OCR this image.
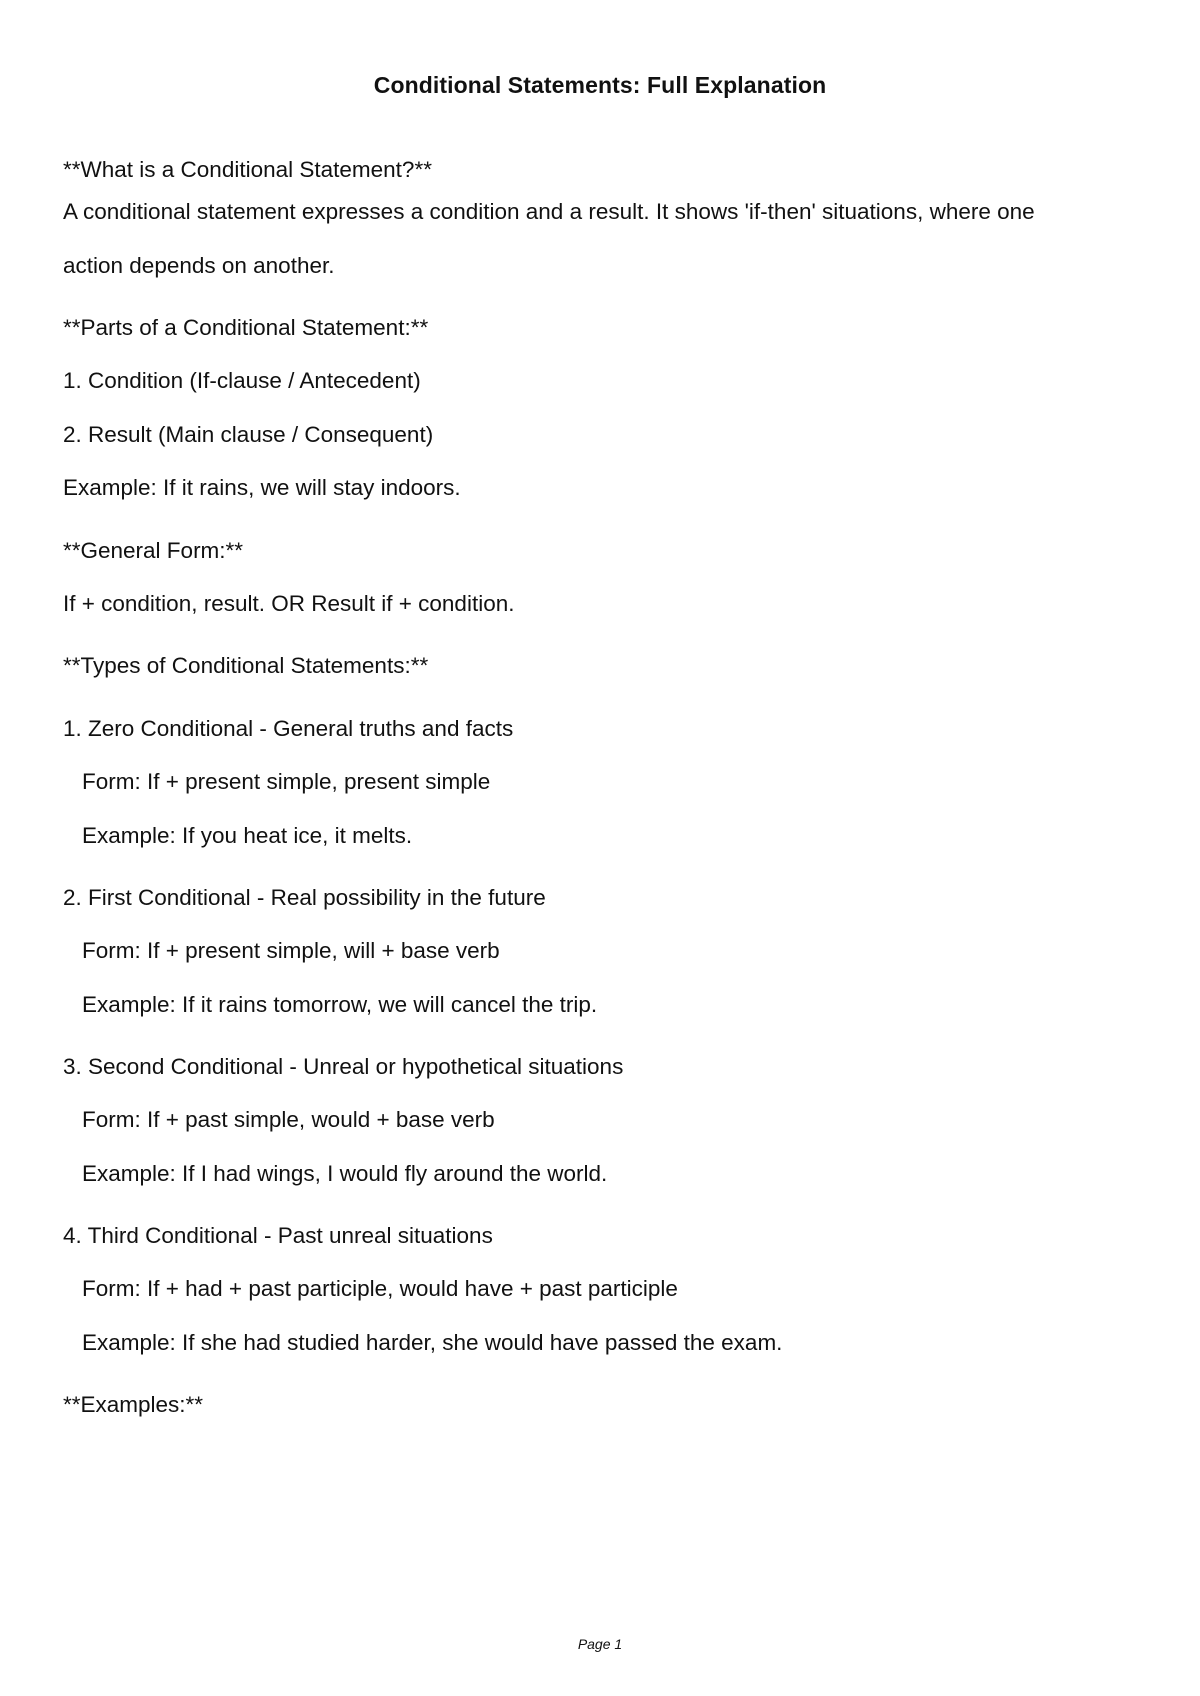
Conditional Statements: Full Explanation
**What is a Conditional Statement?**
A conditional statement expresses a condition and a result. It shows 'if-then' situations, where one
action depends on another.
**Parts of a Conditional Statement:**
1. Condition (If-clause / Antecedent)
2. Result (Main clause / Consequent)
Example: If it rains, we will stay indoors.
**General Form:**
If + condition, result. OR Result if + condition.
**Types of Conditional Statements:**
1. Zero Conditional - General truths and facts
Form: If + present simple, present simple
Example: If you heat ice, it melts.
2. First Conditional - Real possibility in the future
Form: If + present simple, will + base verb
Example: If it rains tomorrow, we will cancel the trip.
3. Second Conditional - Unreal or hypothetical situations
Form: If + past simple, would + base verb
Example: If I had wings, I would fly around the world.
4. Third Conditional - Past unreal situations
Form: If + had + past participle, would have + past participle
Example: If she had studied harder, she would have passed the exam.
**Examples:**
Page 1
